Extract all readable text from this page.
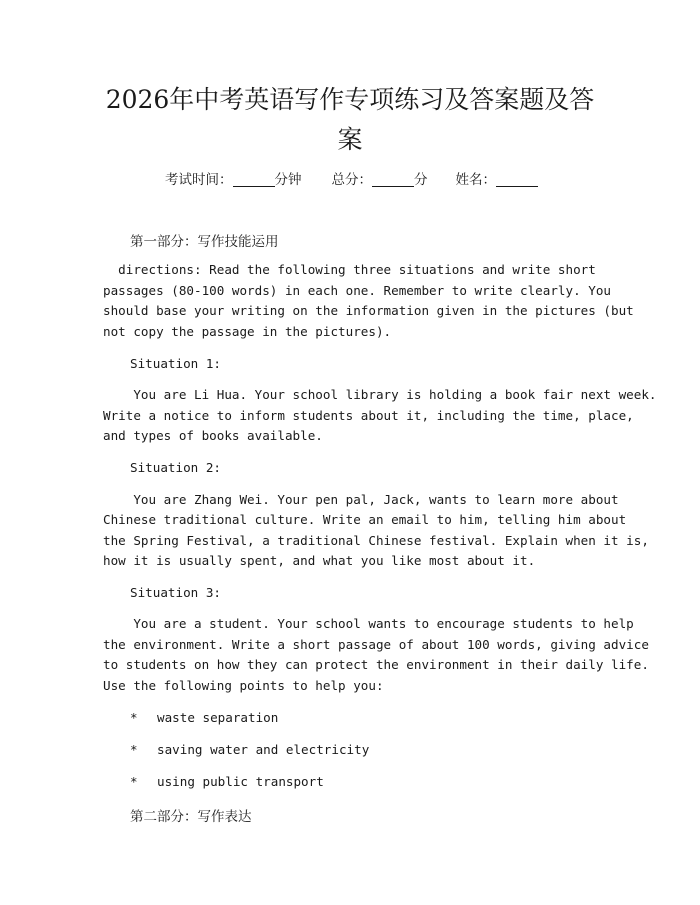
2026年中考英语写作专项练习及答案题及答
案
考试时间：	分钟 总分：	分 姓名：
第一部分：写作技能运用
directions: Read the following three situations and write short
passages (80-100 words) in each one. Remember to write clearly. You
should base your writing on the information given in the pictures (but
not copy the passage in the pictures).
Situation 1:
You are Li Hua. Your school library is holding a book fair next week.
Write a notice to inform students about it, including the time, place,
and types of books available.
Situation 2:
You are Zhang Wei. Your pen pal, Jack, wants to learn more about
Chinese traditional culture. Write an email to him, telling him about
the Spring Festival, a traditional Chinese festival. Explain when it is,
how it is usually spent, and what you like most about it.
Situation 3:
You are a student. Your school wants to encourage students to help
the environment. Write a short passage of about 100 words, giving advice
to students on how they can protect the environment in their daily life.
Use the following points to help you:
* waste separation
* saving water and electricity
* using public transport
第二部分：写作表达
